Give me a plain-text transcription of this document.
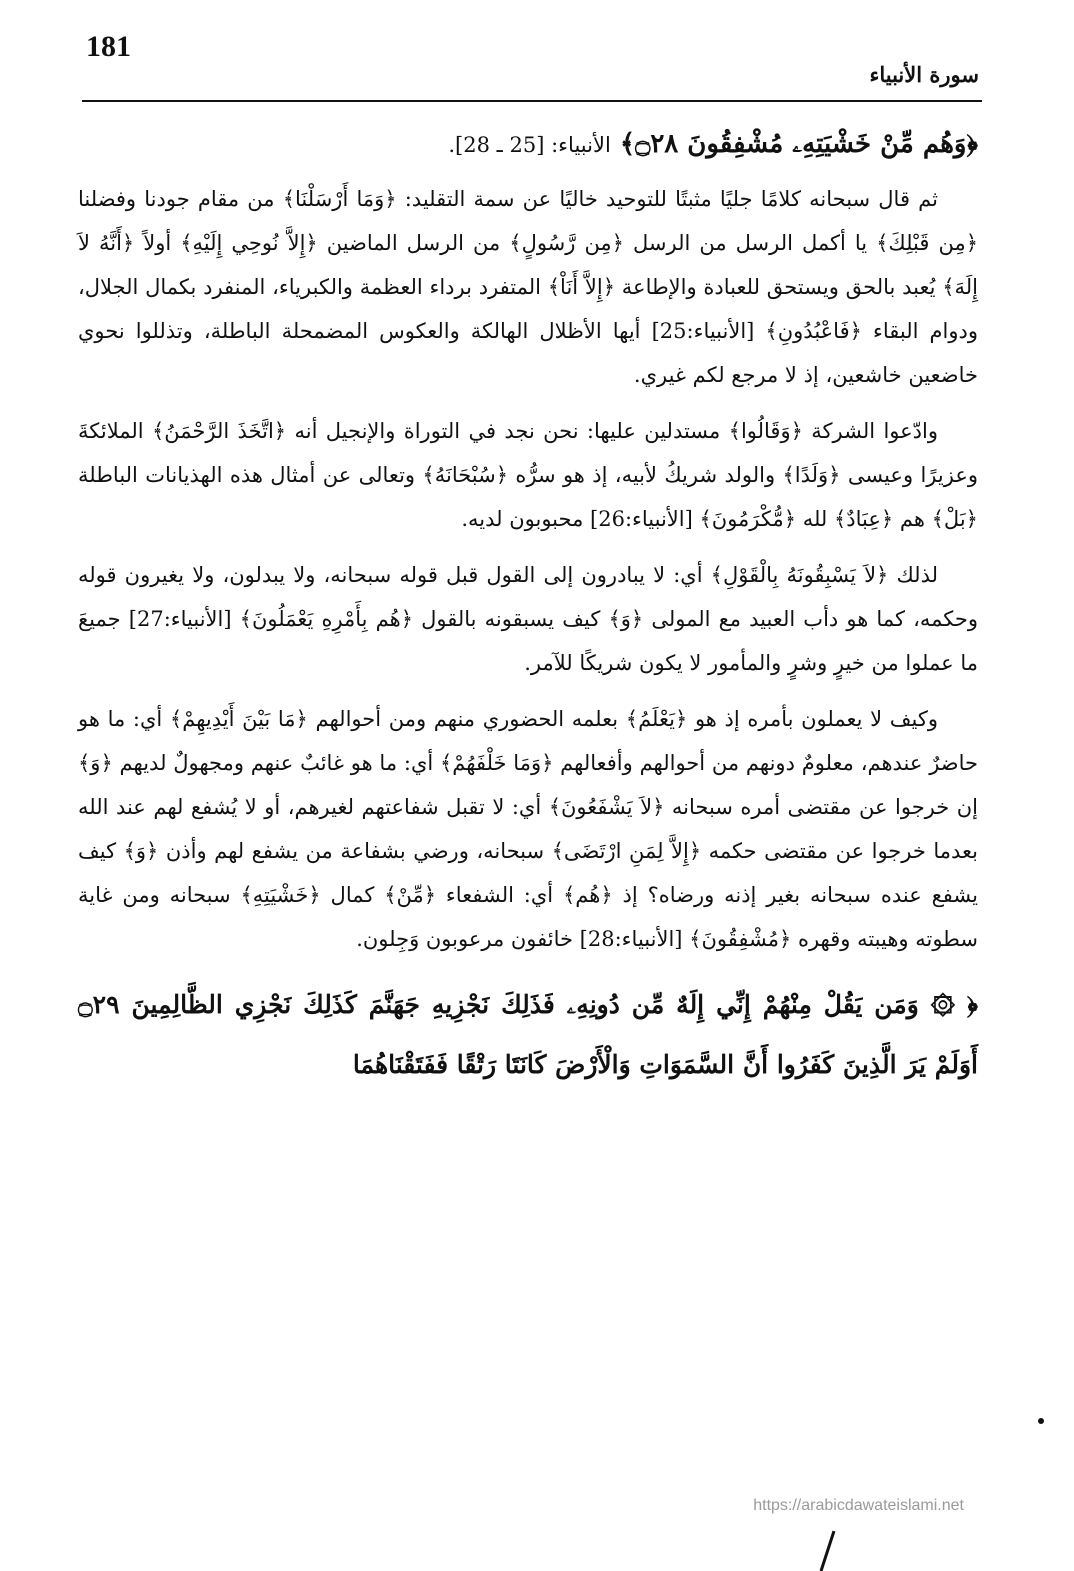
181
سورة الأنبياء
﴿وَهُم مِّنْ خَشْيَتِهِۦ مُشْفِقُونَ ۝٢٨﴾ الأنبياء: [25 ـ 28].

ثم قال سبحانه كلامًا جليًا مثبتًا للتوحيد خاليًا عن سمة التقليد: ﴿وَمَا أَرْسَلْنَا﴾ من مقام جودنا وفضلنا ﴿مِن قَبْلِكَ﴾ يا أكمل الرسل من الرسل ﴿مِن رَّسُولٍ﴾ من الرسل الماضين ﴿إِلاَّ نُوحِي إِلَيْهِ﴾ أولاً ﴿أَنَّهُ لاَ إِلَهَ﴾ يُعبد بالحق ويستحق للعبادة والإطاعة ﴿إِلاَّ أَنَاْ﴾ المتفرد برداء العظمة والكبرياء، المنفرد بكمال الجلال، ودوام البقاء ﴿فَاعْبُدُونِ﴾ [الأنبياء:25] أيها الأظلال الهالكة والعكوس المضمحلة الباطلة، وتذللوا نحوي خاضعين خاشعين، إذ لا مرجع لكم غيري.

وادّعوا الشركة ﴿وَقَالُوا﴾ مستدلين عليها: نحن نجد في التوراة والإنجيل أنه ﴿اتَّخَذَ الرَّحْمَنُ﴾ الملائكةَ وعزيرًا وعيسى ﴿وَلَدًا﴾ والولد شريكُ لأبيه، إذ هو سرُّه ﴿سُبْحَانَهُ﴾ وتعالى عن أمثال هذه الهذيانات الباطلة ﴿بَلْ﴾ هم ﴿عِبَادٌ﴾ لله ﴿مُّكْرَمُونَ﴾ [الأنبياء:26] محبوبون لديه.

لذلك ﴿لاَ يَسْبِقُونَهُ بِالْقَوْلِ﴾ أي: لا يبادرون إلى القول قبل قوله سبحانه، ولا يبدلون، ولا يغيرون قوله وحكمه، كما هو دأب العبيد مع المولى ﴿وَ﴾ كيف يسبقونه بالقول ﴿هُم بِأَمْرِهِ يَعْمَلُونَ﴾ [الأنبياء:27] جميعَ ما عملوا من خيرٍ وشرٍ والمأمور لا يكون شريكًا للآمر.

وكيف لا يعملون بأمره إذ هو ﴿يَعْلَمُ﴾ بعلمه الحضوري منهم ومن أحوالهم ﴿مَا بَيْنَ أَيْدِيهِمْ﴾ أي: ما هو حاضرٌ عندهم، معلومٌ دونهم من أحوالهم وأفعالهم ﴿وَمَا خَلْفَهُمْ﴾ أي: ما هو غائبٌ عنهم ومجهولٌ لديهم ﴿وَ﴾ إن خرجوا عن مقتضى أمره سبحانه ﴿لاَ يَشْفَعُونَ﴾ أي: لا تقبل شفاعتهم لغيرهم، أو لا يُشفع لهم عند الله بعدما خرجوا عن مقتضى حكمه ﴿إِلاَّ لِمَنِ ارْتَضَى﴾ سبحانه، ورضي بشفاعة من يشفع لهم وأذن ﴿وَ﴾ كيف يشفع عنده سبحانه بغير إذنه ورضاه؟ إذ ﴿هُم﴾ أي: الشفعاء ﴿مِّنْ﴾ كمال ﴿خَشْيَتِهِ﴾ سبحانه ومن غاية سطوته وهيبته وقهره ﴿مُشْفِقُونَ﴾ [الأنبياء:28] خائفون مرعوبون وَجِلون.

﴿ ۞ وَمَن يَقُلْ مِنْهُمْ إِنِّي إِلَهٌ مِّن دُونِهِۦ فَذَلِكَ نَجْزِيهِ جَهَنَّمَ كَذَلِكَ نَجْزِي الظَّالِمِينَ ۝٢٩ أَوَلَمْ يَرَ الَّذِينَ كَفَرُوا أَنَّ السَّمَوَاتِ وَالْأَرْضَ كَانَتَا رَتْقًا فَفَتَقْنَاهُمَا
https://arabicdawateislami.net
